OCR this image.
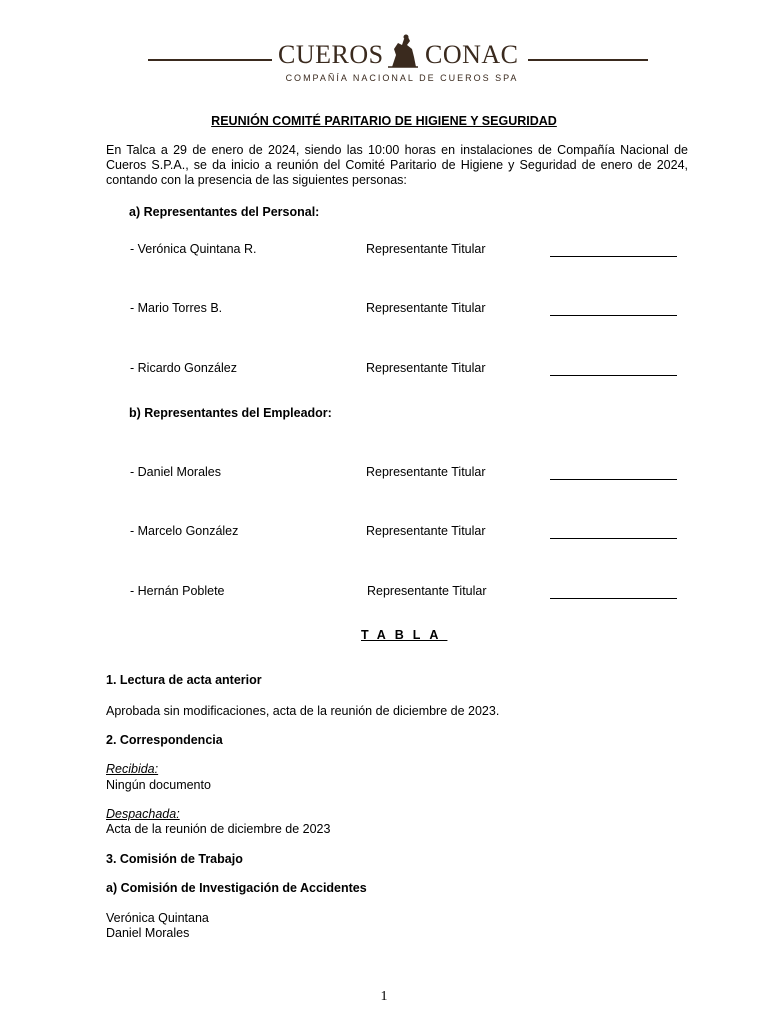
CUEROS CONAC
COMPAÑÍA NACIONAL DE CUEROS SPA
REUNIÓN COMITÉ PARITARIO DE HIGIENE Y SEGURIDAD
En Talca a 29 de enero de 2024, siendo las 10:00 horas en instalaciones de Compañía Nacional de Cueros S.P.A., se da inicio a reunión del Comité Paritario de Higiene y Seguridad de enero de 2024, contando con la presencia de las siguientes personas:
a) Representantes del Personal:
- Verónica Quintana R.	Representante Titular
- Mario Torres B.	Representante Titular
- Ricardo González	Representante Titular
b) Representantes del Empleador:
- Daniel Morales	Representante Titular
- Marcelo González	Representante Titular
- Hernán Poblete	Representante Titular
TABLA
1. Lectura de acta anterior
Aprobada sin modificaciones, acta de la reunión de diciembre de 2023.
2. Correspondencia
Recibida:
Ningún documento
Despachada:
Acta de la reunión de diciembre de 2023
3. Comisión de Trabajo
a) Comisión de Investigación de Accidentes
Verónica Quintana
Daniel Morales
1
